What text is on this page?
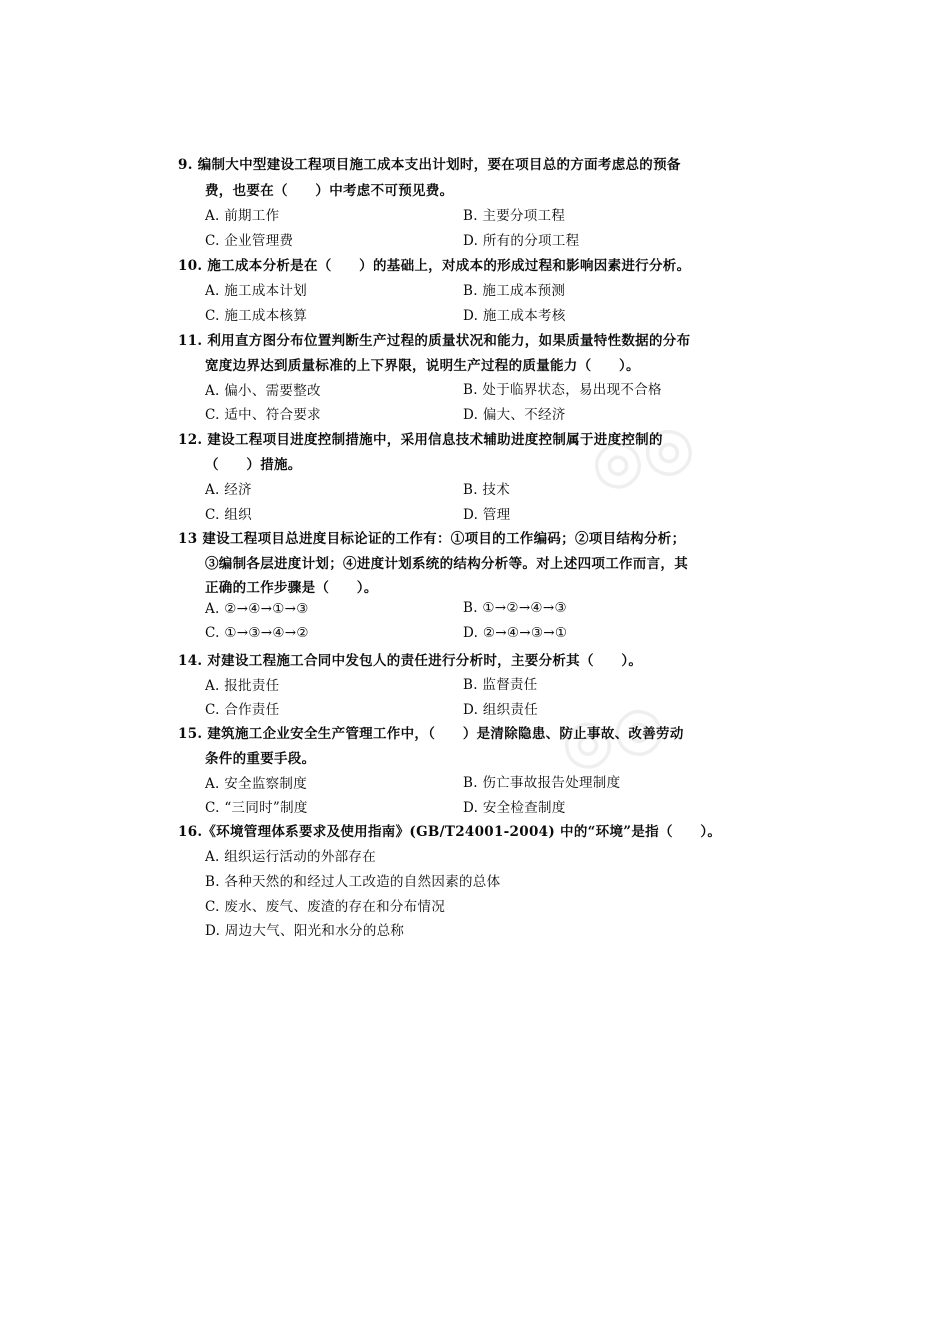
◎◎
◎◎
9. 编制大中型建设工程项目施工成本支出计划时，要在项目总的方面考虑总的预备
费，也要在（　　）中考虑不可预见费。
A. 前期工作	B. 主要分项工程
C. 企业管理费	D. 所有的分项工程
10. 施工成本分析是在（　　）的基础上，对成本的形成过程和影响因素进行分析。
A. 施工成本计划	B. 施工成本预测
C. 施工成本核算	D. 施工成本考核
11. 利用直方图分布位置判断生产过程的质量状况和能力，如果质量特性数据的分布
宽度边界达到质量标准的上下界限，说明生产过程的质量能力（　　）。
A. 偏小、需要整改	B. 处于临界状态，易出现不合格
C. 适中、符合要求	D. 偏大、不经济
12. 建设工程项目进度控制措施中，采用信息技术辅助进度控制属于进度控制的
（　　）措施。
A. 经济	B. 技术
C. 组织	D. 管理
13 建设工程项目总进度目标论证的工作有：①项目的工作编码；②项目结构分析；
③编制各层进度计划；④进度计划系统的结构分析等。对上述四项工作而言，其
正确的工作步骤是（　　）。
A. ②→④→①→③	B. ①→②→④→③
C. ①→③→④→②	D. ②→④→③→①
14. 对建设工程施工合同中发包人的责任进行分析时，主要分析其（　　）。
A. 报批责任	B. 监督责任
C. 合作责任	D. 组织责任
15. 建筑施工企业安全生产管理工作中，（　　）是清除隐患、防止事故、改善劳动
条件的重要手段。
A. 安全监察制度	B. 伤亡事故报告处理制度
C. “三同时”制度	D. 安全检查制度
16.《环境管理体系要求及使用指南》(GB/T24001-2004) 中的“环境”是指（　　）。
A. 组织运行活动的外部存在
B. 各种天然的和经过人工改造的自然因素的总体
C. 废水、废气、废渣的存在和分布情况
D. 周边大气、阳光和水分的总称
